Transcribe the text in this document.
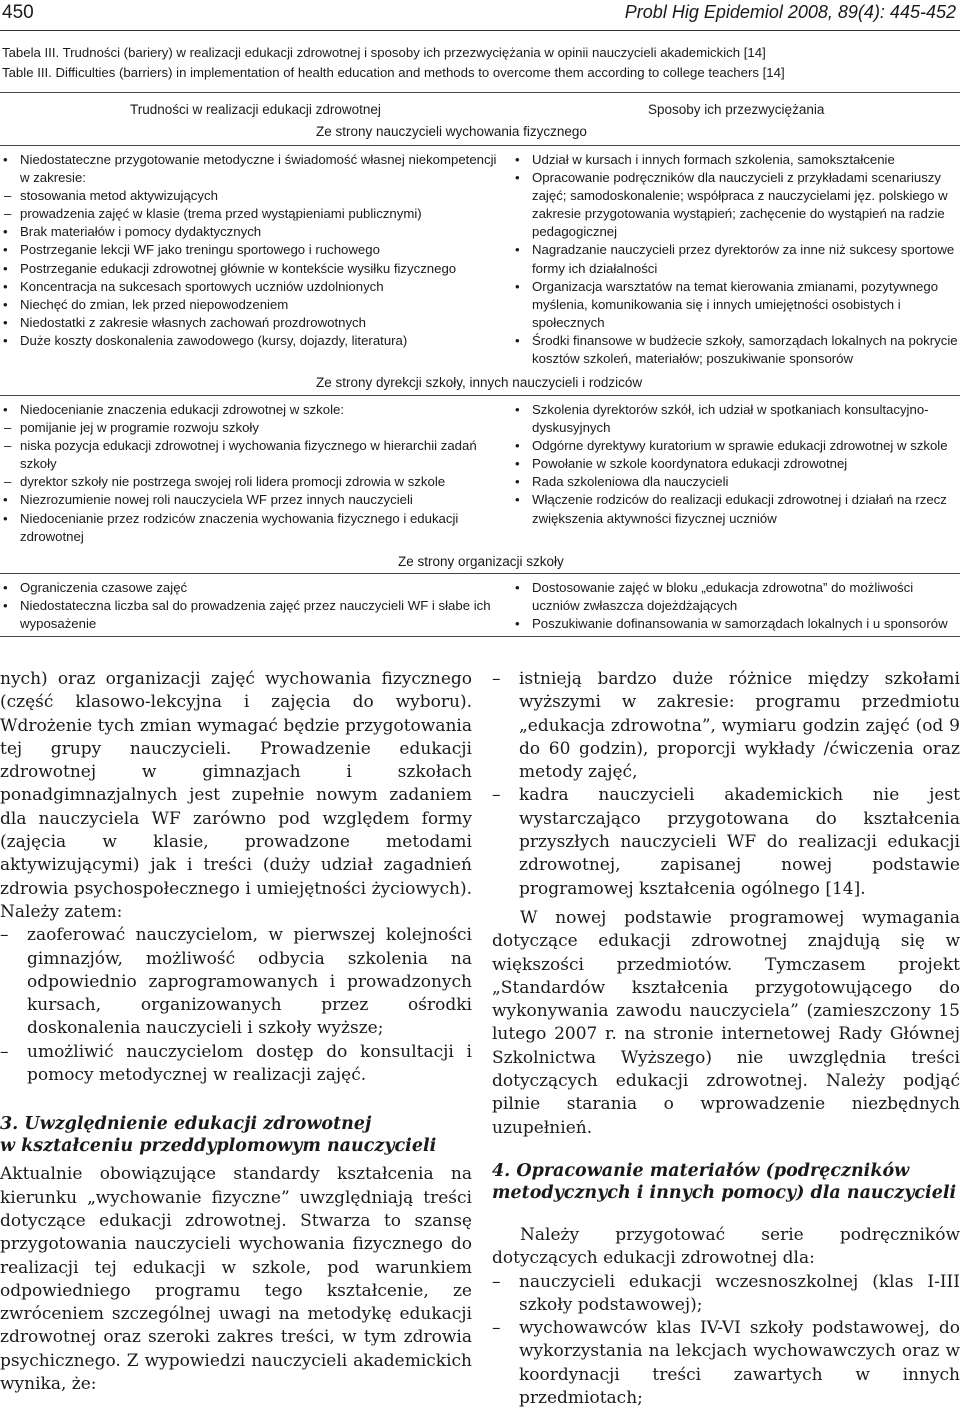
450	Probl Hig Epidemiol 2008, 89(4): 445-452
Tabela III. Trudności (bariery) w realizacji edukacji zdrowotnej i sposoby ich przezwyciężania w opinii nauczycieli akademickich [14]
Table III. Difficulties (barriers) in implementation of health education and methods to overcome them according to college teachers [14]
Trudności w realizacji edukacji zdrowotnej	Sposoby ich przezwyciężania
Ze strony nauczycieli wychowania fizycznego
• Niedostateczne przygotowanie metodyczne i świadomość własnej niekompetencji w zakresie:
– stosowania metod aktywizujących
– prowadzenia zajęć w klasie (trema przed wystąpieniami publicznymi)
• Brak materiałów i pomocy dydaktycznych
• Postrzeganie lekcji WF jako treningu sportowego i ruchowego
• Postrzeganie edukacji zdrowotnej głównie w kontekście wysiłku fizycznego
• Koncentracja na sukcesach sportowych uczniów uzdolnionych
• Niechęć do zmian, lek przed niepowodzeniem
• Niedostatki z zakresie własnych zachowań prozdrowotnych
• Duże koszty doskonalenia zawodowego (kursy, dojazdy, literatura)
• Udział w kursach i innych formach szkolenia, samokształcenie
• Opracowanie podręczników dla nauczycieli z przykładami scenariuszy zajęć; samodoskonalenie; współpraca z nauczycielami jęz. polskiego w zakresie przygotowania wystąpień; zachęcenie do wystąpień na radzie pedagogicznej
• Nagradzanie nauczycieli przez dyrektorów za inne niż sukcesy sportowe formy ich działalności
• Organizacja warsztatów na temat kierowania zmianami, pozytywnego myślenia, komunikowania się i innych umiejętności osobistych i społecznych
• Środki finansowe w budżecie szkoły, samorządach lokalnych na pokrycie kosztów szkoleń, materiałów; poszukiwanie sponsorów
Ze strony dyrekcji szkoły, innych nauczycieli i rodziców
• Niedocenianie znaczenia edukacji zdrowotnej w szkole:
– pomijanie jej w programie rozwoju szkoły
– niska pozycja edukacji zdrowotnej i wychowania fizycznego w hierarchii zadań szkoły
– dyrektor szkoły nie postrzega swojej roli lidera promocji zdrowia w szkole
• Niezrozumienie nowej roli nauczyciela WF przez innych nauczycieli
• Niedocenianie przez rodziców znaczenia wychowania fizycznego i edukacji zdrowotnej
• Szkolenia dyrektorów szkół, ich udział w spotkaniach konsultacyjno-dyskusyjnych
• Odgórne dyrektywy kuratorium w sprawie edukacji zdrowotnej w szkole
• Powołanie w szkole koordynatora edukacji zdrowotnej
• Rada szkoleniowa dla nauczycieli
• Włączenie rodziców do realizacji edukacji zdrowotnej i działań na rzecz zwiększenia aktywności fizycznej uczniów
Ze strony organizacji szkoły
• Ograniczenia czasowe zajęć
• Niedostateczna liczba sal do prowadzenia zajęć przez nauczycieli WF i słabe ich wyposażenie
• Dostosowanie zajęć w bloku „edukacja zdrowotna” do możliwości uczniów zwłaszcza dojeżdżających
• Poszukiwanie dofinansowania w samorządach lokalnych i u sponsorów

nych) oraz organizacji zajęć wychowania fizycznego (część klasowo-lekcyjna i zajęcia do wyboru). Wdrożenie tych zmian wymagać będzie przygotowania tej grupy nauczycieli. Prowadzenie edukacji zdrowotnej w gimnazjach i szkołach ponadgimnazjalnych jest zupełnie nowym zadaniem dla nauczyciela WF zarówno pod względem formy (zajęcia w klasie, prowadzone metodami aktywizującymi) jak i treści (duży udział zagadnień zdrowia psychospołecznego i umiejętności życiowych). Należy zatem:

– zaoferować nauczycielom, w pierwszej kolejności gimnazjów, możliwość odbycia szkolenia na odpowiednio zaprogramowanych i prowadzonych kursach, organizowanych przez ośrodki doskonalenia nauczycieli i szkoły wyższe;
– umożliwić nauczycielom dostęp do konsultacji i pomocy metodycznej w realizacji zajęć.
3. Uwzględnienie edukacji zdrowotnej
w kształceniu przeddyplomowym nauczycieli

Aktualnie obowiązujące standardy kształcenia na kierunku „wychowanie fizyczne” uwzględniają treści dotyczące edukacji zdrowotnej. Stwarza to szansę przygotowania nauczycieli wychowania fizycznego do realizacji tej edukacji w szkole, pod warunkiem odpowiedniego programu tego kształcenie, ze zwróceniem szczególnej uwagi na metodykę edukacji zdrowotnej oraz szeroki zakres treści, w tym zdrowia psychicznego. Z wypowiedzi nauczycieli akademickich wynika, że:

– istnieją bardzo duże różnice między szkołami wyższymi w zakresie: programu przedmiotu „edukacja zdrowotna”, wymiaru godzin zajęć (od 9 do 60 godzin), proporcji wykłady /ćwiczenia oraz metody zajęć,
– kadra nauczycieli akademickich nie jest wystarczająco przygotowana do kształcenia przyszłych nauczycieli WF do realizacji edukacji zdrowotnej, zapisanej nowej podstawie programowej kształcenia ogólnego [14].

W nowej podstawie programowej wymagania dotyczące edukacji zdrowotnej znajdują się w większości przedmiotów. Tymczasem projekt „Standardów kształcenia przygotowującego do wykonywania zawodu nauczyciela” (zamieszczony 15 lutego 2007 r. na stronie internetowej Rady Głównej Szkolnictwa Wyższego) nie uwzględnia treści dotyczących edukacji zdrowotnej. Należy podjąć pilnie starania o wprowadzenie niezbędnych uzupełnień.

4. Opracowanie materiałów (podręczników metodycznych i innych pomocy) dla nauczycieli

Należy przygotować serie podręczników dotyczących edukacji zdrowotnej dla:

– nauczycieli edukacji wczesnoszkolnej (klas I-III szkoły podstawowej);
– wychowawców klas IV-VI szkoły podstawowej, do wykorzystania na lekcjach wychowawczych oraz w koordynacji treści zawartych w innych przedmiotach;
